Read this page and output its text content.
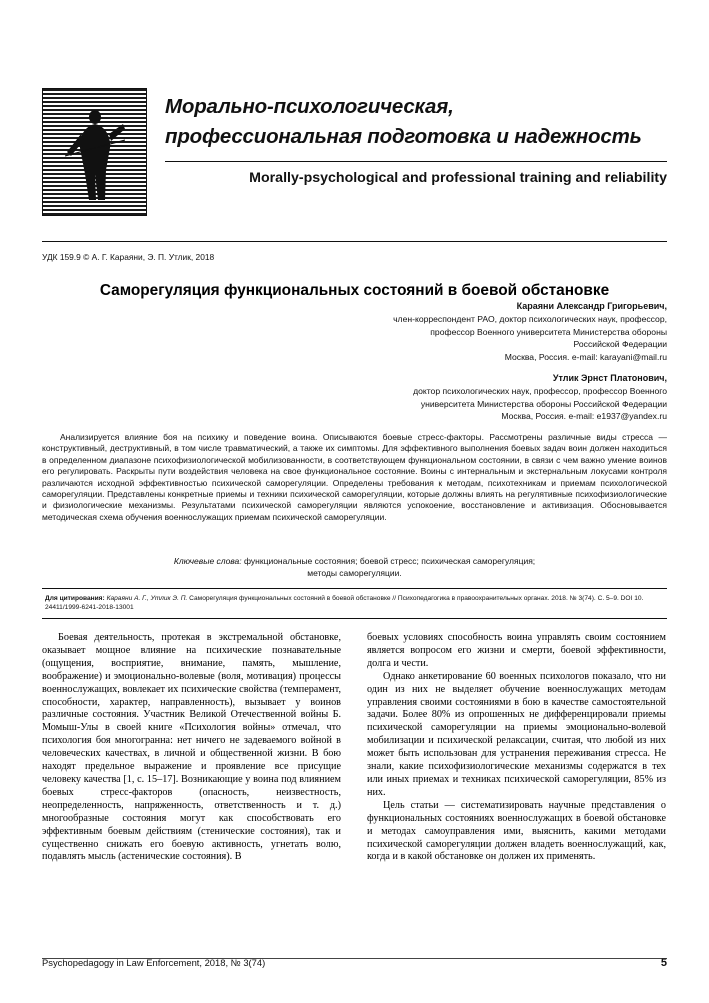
Морально-психологическая,
профессиональная подготовка и надежность
Morally-psychological and professional training and reliability
УДК 159.9 © А. Г. Караяни, Э. П. Утлик, 2018
Саморегуляция функциональных состояний в боевой обстановке
Караяни Александр Григорьевич,
член-корреспондент РАО, доктор психологических наук, профессор,
профессор Военного университета Министерства обороны
Российской Федерации
Москва, Россия. e-mail: karayani@mail.ru
Утлик Эрнст Платонович,
доктор психологических наук, профессор, профессор Военного
университета Министерства обороны Российской Федерации
Москва, Россия. e-mail: e1937@yandex.ru
Анализируется влияние боя на психику и поведение воина. Описываются боевые стресс-факторы. Рассмотрены различные виды стресса — конструктивный, деструктивный, в том числе травматический, а также их симптомы. Для эффективного выполнения боевых задач воин должен находиться в определенном диапазоне психофизиологической мобилизованности, в соответствующем функциональном состоянии, в связи с чем важно умение воинов его регулировать. Раскрыты пути воздействия человека на свое функциональное состояние. Воины с интернальным и экстернальным локусами контроля различаются исходной эффективностью психической саморегуляции. Определены требования к методам, психотехникам и приемам психологической саморегуляции. Представлены конкретные приемы и техники психической саморегуляции, которые должны влиять на регулятивные психофизиологические и физиологические механизмы. Результатами психической саморегуляции являются успокоение, восстановление и активизация. Обосновывается методическая схема обучения военнослужащих приемам психической саморегуляции.
Ключевые слова: функциональные состояния; боевой стресс; психическая саморегуляция;
методы саморегуляции.
Для цитирования: Караяни А. Г., Утлик Э. П. Саморегуляция функциональных состояний в боевой обстановке // Психопедагогика в правоохранительных органах. 2018. № 3(74). С. 5–9. DOI 10. 24411/1999-6241-2018-13001

Боевая деятельность, протекая в экстремальной обстановке, оказывает мощное влияние на психические познавательные (ощущения, восприятие, внимание, память, мышление, воображение) и эмоционально-волевые (воля, мотивация) процессы военнослужащих, вовлекает их психические свойства (темперамент, способности, характер, направленность), вызывает у воинов различные состояния. Участник Великой Отечественной войны Б. Момыш-Улы в своей книге «Психология войны» отмечал, что психология боя многогранна: нет ничего не задеваемого войной в человеческих качествах, в личной и общественной жизни. В бою находят предельное выражение и проявление все присущие человеку качества [1, с. 15–17]. Возникающие у воина под влиянием боевых стресс-факторов (опасность, неизвестность, неопределенность, напряженность, ответственность и т. д.) многообразные состояния могут как способствовать его эффективным боевым действиям (стенические состояния), так и существенно снижать его боевую активность, угнетать волю, подавлять мысль (астенические состояния). В

боевых условиях способность воина управлять своим состоянием является вопросом его жизни и смерти, боевой эффективности, долга и чести.

Однако анкетирование 60 военных психологов показало, что ни один из них не выделяет обучение военнослужащих методам управления своими состояниями в бою в качестве самостоятельной задачи. Более 80% из опрошенных не дифференцировали приемы психической саморегуляции на приемы эмоционально-волевой мобилизации и психической релаксации, считая, что любой из них может быть использован для устранения переживания стресса. Не знали, какие психофизиологические механизмы содержатся в тех или иных приемах и техниках психической саморегуляции, 85% из них.

Цель статьи — систематизировать научные представления о функциональных состояниях военнослужащих в боевой обстановке и методах самоуправления ими, выяснить, какими методами психической саморегуляции должен владеть военнослужащий, как, когда и в какой обстановке он должен их применять.

Psychopedagogy in Law Enforcement, 2018, № 3(74)	5
